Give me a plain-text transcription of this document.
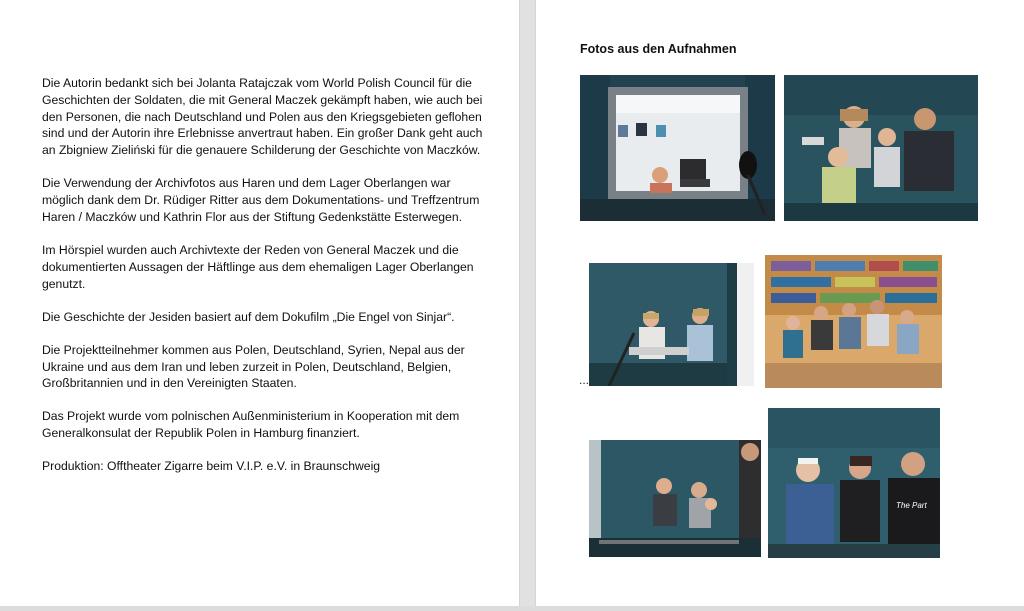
Die Autorin bedankt sich bei Jolanta Ratajczak vom World Polish Council für die Geschichten der Soldaten, die mit General Maczek gekämpft haben, wie auch bei den Personen, die nach Deutschland und Polen aus den Kriegsgebieten geflohen sind und der Autorin ihre Erlebnisse anvertraut haben. Ein großer Dank geht auch an Zbigniew Zieliński für die genauere Schilderung der Geschichte von Maczków.

Die Verwendung der Archivfotos aus Haren und dem Lager Oberlangen war möglich dank dem Dr. Rüdiger Ritter aus dem Dokumentations- und Treffzentrum Haren / Maczków und Kathrin Flor aus der Stiftung Gedenkstätte Esterwegen.

Im Hörspiel wurden auch Archivtexte der Reden von General Maczek und die dokumentierten Aussagen der Häftlinge aus dem ehemaligen Lager Oberlangen genutzt.

Die Geschichte der Jesiden basiert auf dem Dokufilm „Die Engel von Sinjar“.

Die Projektteilnehmer kommen aus Polen, Deutschland, Syrien, Nepal aus der Ukraine und aus dem Iran und leben zurzeit in Polen, Deutschland, Belgien, Großbritannien und in den Vereinigten Staaten.

Das Projekt wurde vom polnischen Außenministerium in Kooperation mit dem Generalkonsulat der Republik Polen in Hamburg finanziert.

Produktion: Offtheater Zigarre beim V.I.P. e.V. in Braunschweig

Fotos aus den Aufnahmen
...
The Part
